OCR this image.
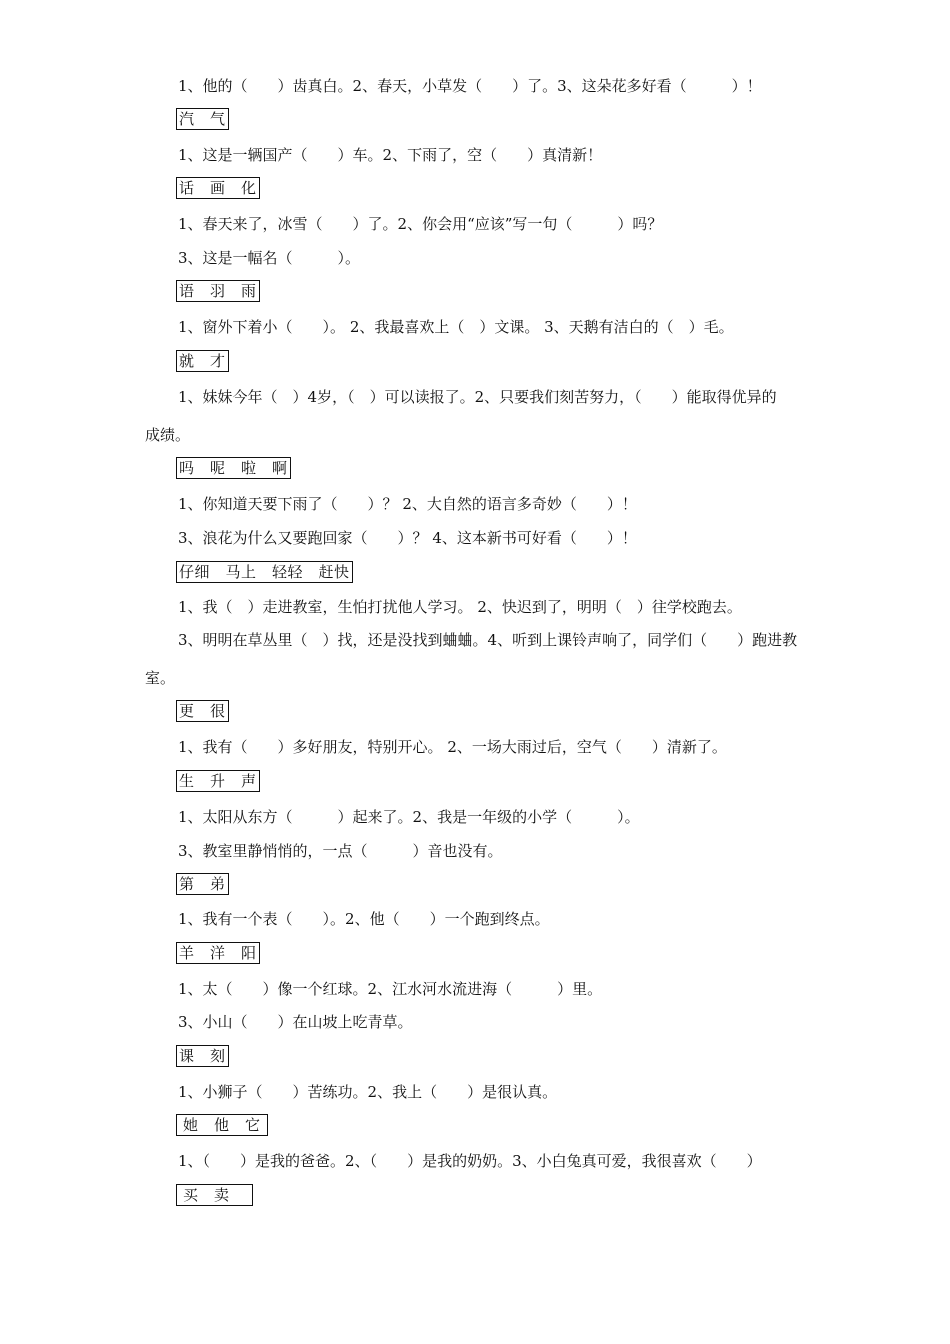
1、他的（　　）齿真白。2、春天，小草发（　　）了。3、这朵花多好看（　　　）！

汽　气

1、这是一辆国产（　　）车。2、下雨了，空（　　）真清新！

话　画　化

1、春天来了，冰雪（　　）了。2、你会用“应该”写一句（　　　）吗？

3、这是一幅名（　　　）。

语　羽　雨

1、窗外下着小（　　）。 2、我最喜欢上（　）文课。 3、天鹅有洁白的（　）毛。

就　才

1、妹妹今年（　）4岁，（　）可以读报了。2、只要我们刻苦努力，（　　）能取得优异的

成绩。

吗　呢　啦　啊

1、你知道天要下雨了（　　）？ 2、大自然的语言多奇妙（　　）！

3、浪花为什么又要跑回家（　　）？ 4、这本新书可好看（　　）！

仔细　马上　轻轻　赶快

1、我（　）走进教室，生怕打扰他人学习。 2、快迟到了，明明（　）往学校跑去。

3、明明在草丛里（　）找，还是没找到蛐蛐。4、听到上课铃声响了，同学们（　　）跑进教

室。

更　很

1、我有（　　）多好朋友，特别开心。 2、一场大雨过后，空气（　　）清新了。

生　升　声

1、太阳从东方（　　　）起来了。2、我是一年级的小学（　　　）。

3、教室里静悄悄的，一点（　　　）音也没有。

第　弟

1、我有一个表（　　）。2、他（　　）一个跑到终点。

羊　洋　阳

1、太（　　）像一个红球。2、江水河水流进海（　　　）里。

3、小山（　　）在山坡上吃青草。

课　刻

1、小狮子（　　）苦练功。2、我上（　　）是很认真。

她　他　它

1、（　　）是我的爸爸。2、（　　）是我的奶奶。3、小白兔真可爱，我很喜欢（　　）

买　卖
